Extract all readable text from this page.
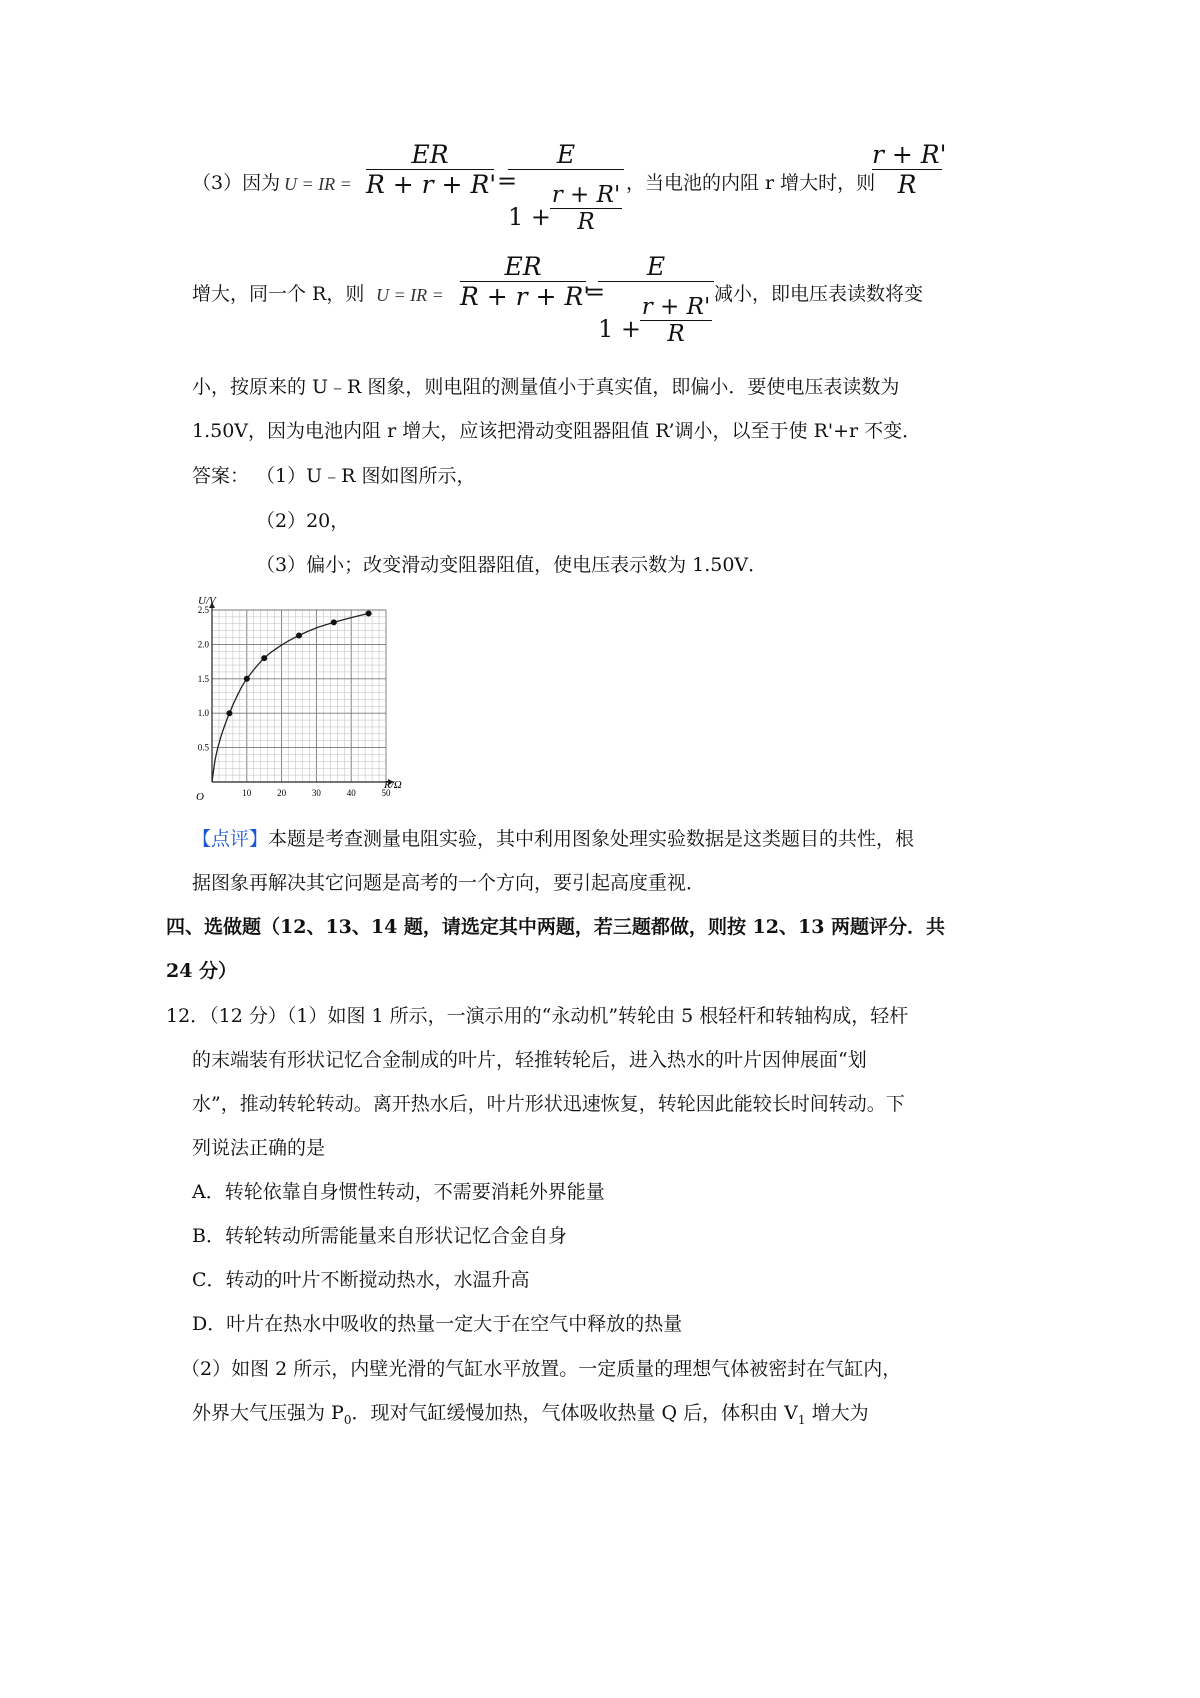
（3）因为 U = IR =
ER
R + r + R' =
E
1 +
r + R'
R
，当电池的内阻 r 增大时，则
r + R'
R
增大，同一个 R，则 U = IR =
ER
R + r + R'
=
E
1 +
r + R'
R
减小，即电压表读数将变
小，按原来的 U﹣R 图象，则电阻的测量值小于真实值，即偏小．要使电压表读数为
1.50V，因为电池内阻 r 增大，应该把滑动变阻器阻值 R’调小，以至于使 R'+r 不变．
答案： （1）U﹣R 图如图所示，
（2）20，
（3）偏小；改变滑动变阻器阻值，使电压表示数为 1.50V．
U/V
R/Ω
O	10	20	30	40	50
0.5
1.0
1.5
2.0
2.5
【点评】本题是考查测量电阻实验，其中利用图象处理实验数据是这类题目的共性，根
据图象再解决其它问题是高考的一个方向，要引起高度重视．
四、选做题（12、13、14 题，请选定其中两题，若三题都做，则按 12、13 两题评分．共
24 分）
12．（12 分）（1）如图 1 所示，一演示用的“永动机”转轮由 5 根轻杆和转轴构成，轻杆
的末端装有形状记忆合金制成的叶片，轻推转轮后，进入热水的叶片因伸展面“划
水”，推动转轮转动。离开热水后，叶片形状迅速恢复，转轮因此能较长时间转动。下
列说法正确的是
A．转轮依靠自身惯性转动，不需要消耗外界能量
B．转轮转动所需能量来自形状记忆合金自身
C．转动的叶片不断搅动热水，水温升高
D．叶片在热水中吸收的热量一定大于在空气中释放的热量
（2）如图 2 所示，内壁光滑的气缸水平放置。一定质量的理想气体被密封在气缸内，
外界大气压强为 $P_0$．现对气缸缓慢加热，气体吸收热量 Q 后，体积由 $V_1$ 增大为
